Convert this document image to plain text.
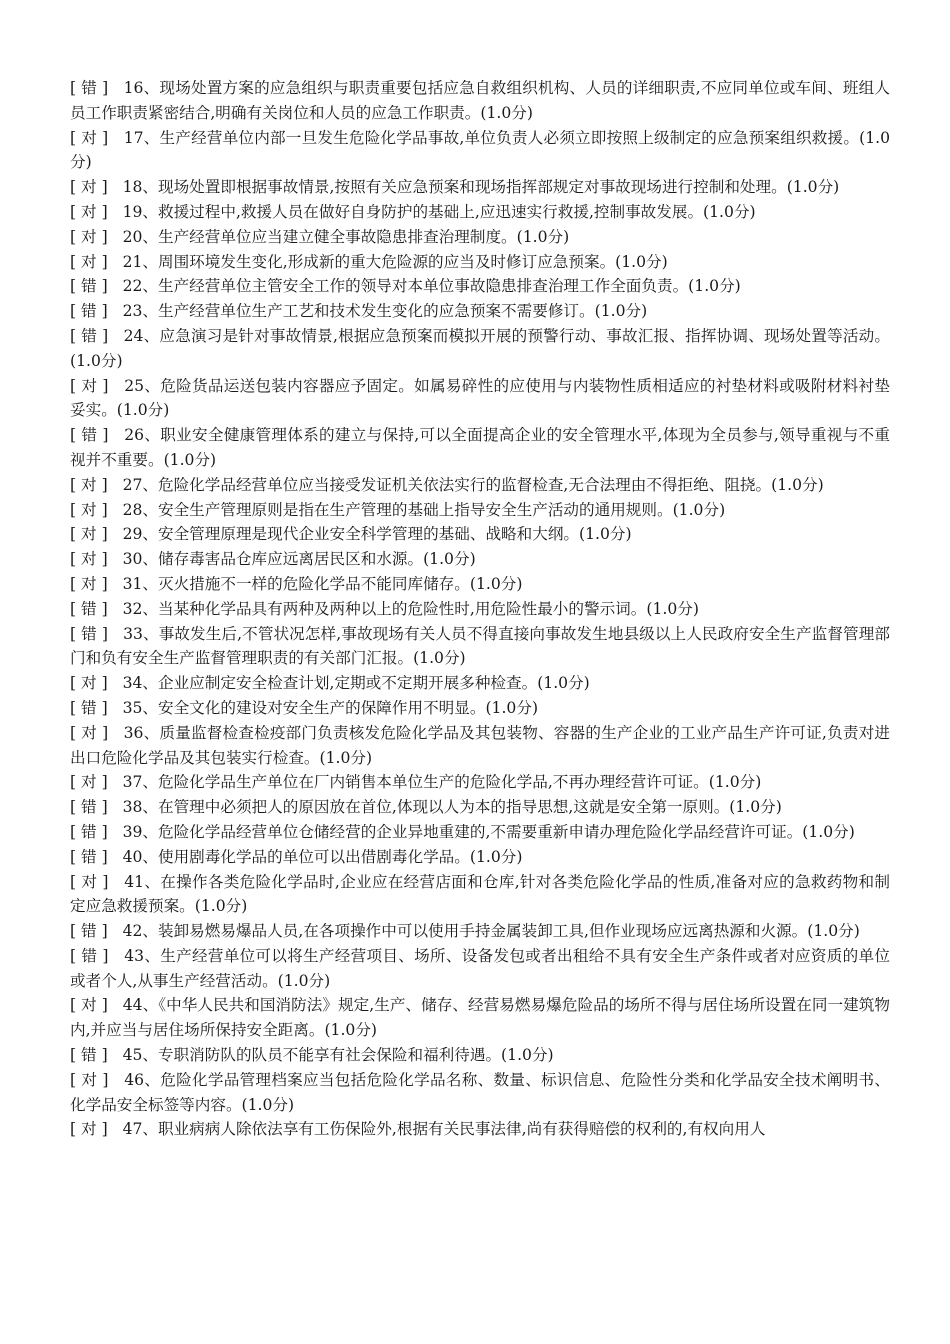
[ 错 ] 16、现场处置方案的应急组织与职责重要包括应急自救组织机构、人员的详细职责,不应同单位或车间、班组人员工作职责紧密结合,明确有关岗位和人员的应急工作职责。(1.0分)

[ 对 ] 17、生产经营单位内部一旦发生危险化学品事故,单位负责人必须立即按照上级制定的应急预案组织救援。(1.0分)

[ 对 ] 18、现场处置即根据事故情景,按照有关应急预案和现场指挥部规定对事故现场进行控制和处理。(1.0分)

[ 对 ] 19、救援过程中,救援人员在做好自身防护的基础上,应迅速实行救援,控制事故发展。(1.0分)

[ 对 ] 20、生产经营单位应当建立健全事故隐患排查治理制度。(1.0分)

[ 对 ] 21、周围环境发生变化,形成新的重大危险源的应当及时修订应急预案。(1.0分)

[ 错 ] 22、生产经营单位主管安全工作的领导对本单位事故隐患排查治理工作全面负责。(1.0分)

[ 错 ] 23、生产经营单位生产工艺和技术发生变化的应急预案不需要修订。(1.0分)

[ 错 ] 24、应急演习是针对事故情景,根据应急预案而模拟开展的预警行动、事故汇报、指挥协调、现场处置等活动。(1.0分)

[ 对 ] 25、危险货品运送包装内容器应予固定。如属易碎性的应使用与内装物性质相适应的衬垫材料或吸附材料衬垫妥实。(1.0分)

[ 错 ] 26、职业安全健康管理体系的建立与保持,可以全面提高企业的安全管理水平,体现为全员参与,领导重视与不重视并不重要。(1.0分)

[ 对 ] 27、危险化学品经营单位应当接受发证机关依法实行的监督检查,无合法理由不得拒绝、阻挠。(1.0分)

[ 对 ] 28、安全生产管理原则是指在生产管理的基础上指导安全生产活动的通用规则。(1.0分)

[ 对 ] 29、安全管理原理是现代企业安全科学管理的基础、战略和大纲。(1.0分)

[ 对 ] 30、储存毒害品仓库应远离居民区和水源。(1.0分)

[ 对 ] 31、灭火措施不一样的危险化学品不能同库储存。(1.0分)

[ 错 ] 32、当某种化学品具有两种及两种以上的危险性时,用危险性最小的警示词。(1.0分)

[ 错 ] 33、事故发生后,不管状况怎样,事故现场有关人员不得直接向事故发生地县级以上人民政府安全生产监督管理部门和负有安全生产监督管理职责的有关部门汇报。(1.0分)

[ 对 ] 34、企业应制定安全检查计划,定期或不定期开展多种检查。(1.0分)

[ 错 ] 35、安全文化的建设对安全生产的保障作用不明显。(1.0分)

[ 对 ] 36、质量监督检查检疫部门负责核发危险化学品及其包装物、容器的生产企业的工业产品生产许可证,负责对进出口危险化学品及其包装实行检查。(1.0分)

[ 对 ] 37、危险化学品生产单位在厂内销售本单位生产的危险化学品,不再办理经营许可证。(1.0分)

[ 错 ] 38、在管理中必须把人的原因放在首位,体现以人为本的指导思想,这就是安全第一原则。(1.0分)

[ 错 ] 39、危险化学品经营单位仓储经营的企业异地重建的,不需要重新申请办理危险化学品经营许可证。(1.0分)

[ 错 ] 40、使用剧毒化学品的单位可以出借剧毒化学品。(1.0分)

[ 对 ] 41、在操作各类危险化学品时,企业应在经营店面和仓库,针对各类危险化学品的性质,准备对应的急救药物和制定应急救援预案。(1.0分)

[ 错 ] 42、装卸易燃易爆品人员,在各项操作中可以使用手持金属装卸工具,但作业现场应远离热源和火源。(1.0分)

[ 错 ] 43、生产经营单位可以将生产经营项目、场所、设备发包或者出租给不具有安全生产条件或者对应资质的单位或者个人,从事生产经营活动。(1.0分)

[ 对 ] 44、《中华人民共和国消防法》规定,生产、储存、经营易燃易爆危险品的场所不得与居住场所设置在同一建筑物内,并应当与居住场所保持安全距离。(1.0分)

[ 错 ] 45、专职消防队的队员不能享有社会保险和福利待遇。(1.0分)

[ 对 ] 46、危险化学品管理档案应当包括危险化学品名称、数量、标识信息、危险性分类和化学品安全技术阐明书、化学品安全标签等内容。(1.0分)

[ 对 ] 47、职业病病人除依法享有工伤保险外,根据有关民事法律,尚有获得赔偿的权利的,有权向用人
